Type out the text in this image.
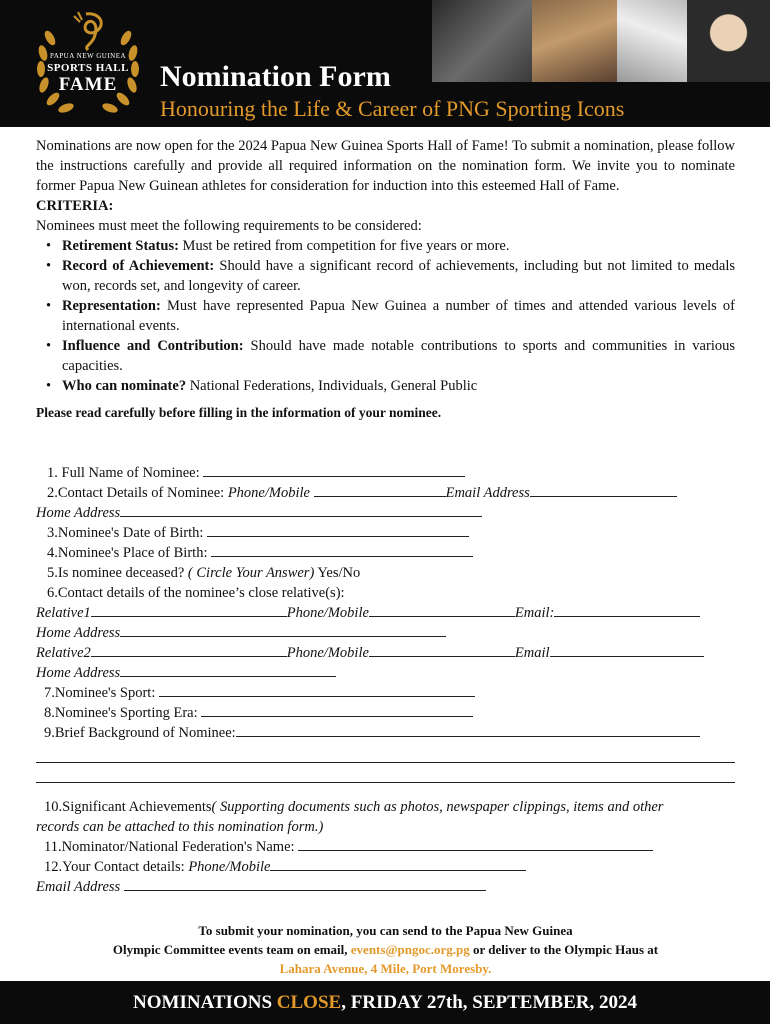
PAPUA NEW GUINEA
SPORTS HALL
FAME	Nomination Form
Honouring the Life & Career of PNG Sporting Icons

Nominations are now open for the 2024 Papua New Guinea Sports Hall of Fame! To submit a nomination, please follow the instructions carefully and provide all required information on the nomination form. We invite you to nominate former Papua New Guinean athletes for consideration for induction into this esteemed Hall of Fame.

CRITERIA:
Nominees must meet the following requirements to be considered:
• Retirement Status: Must be retired from competition for five years or more.
• Record of Achievement: Should have a significant record of achievements, including but not limited to medals won, records set, and longevity of career.
• Representation: Must have represented Papua New Guinea a number of times and attended various levels of international events.
• Influence and Contribution: Should have made notable contributions to sports and communities in various capacities.
• Who can nominate? National Federations, Individuals, General Public
Please read carefully before filling in the information of your nominee.
1. Full Name of Nominee:
2.Contact Details of Nominee: Phone/Mobile	Email Address
Home Address
3.Nominee's Date of Birth:
4.Nominee's Place of Birth:
5.Is nominee deceased? ( Circle Your Answer) Yes/No
6.Contact details of the nominee’s close relative(s):
Relative1	Phone/Mobile	Email:
Home Address
Relative2	Phone/Mobile	Email
Home Address
7.Nominee's Sport:
8.Nominee's Sporting Era:
9.Brief Background of Nominee:
10.Significant Achievements( Supporting documents such as photos, newspaper clippings, items and other
records can be attached to this nomination form.)
11.Nominator/National Federation's Name:
12.Your Contact details: Phone/Mobile
Email Address
To submit your nomination, you can send to the Papua New Guinea
Olympic Committee events team on email, events@pngoc.org.pg or deliver to the Olympic Haus at
Lahara Avenue, 4 Mile, Port Moresby.
NOMINATIONS CLOSE, FRIDAY 27th, SEPTEMBER, 2024
